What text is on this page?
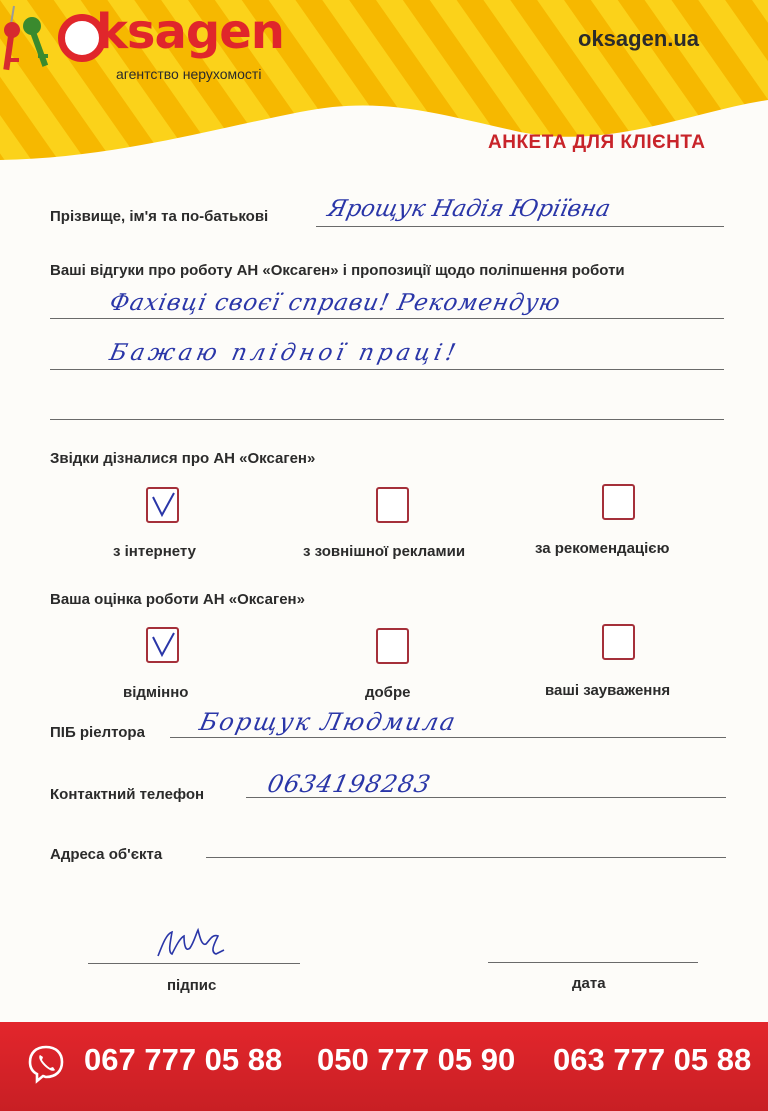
ksagen
агентство нерухомості
oksagen.ua
АНКЕТА ДЛЯ КЛІЄНТА
Прізвище, ім'я та по-батькові Ярощук Надія Юріївна
Ваші відгуки про роботу АН «Оксаген» і пропозиції щодо поліпшення роботи
Фахівці своєї справи! Рекомендую
Бажаю плідної праці!
Звідки дізналися про АН «Оксаген»
з інтернету	з зовнішної рекламии	за рекомендацією
Ваша оцінка роботи АН «Оксаген»
відмінно	добре	ваші зауваження
ПІБ ріелтора Борщук Людмила
Контактний телефон	0634198283
Адреса об'єкта
підпис	дата
067 777 05 88 050 777 05 90 063 777 05 88
